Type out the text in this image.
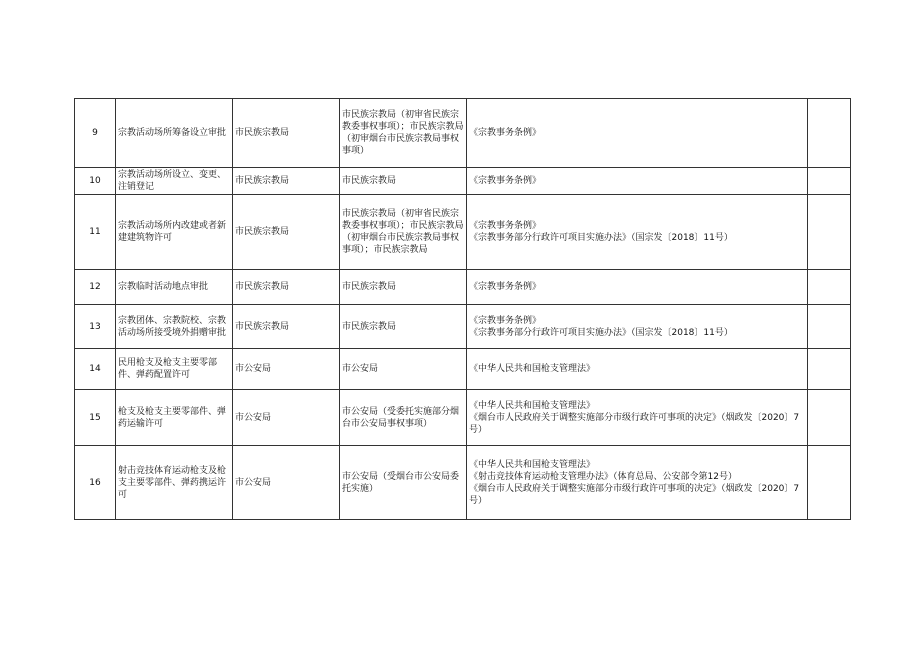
9	宗教活动场所筹备设立审批	市民族宗教局	市民族宗教局（初审省民族宗教委事权事项）；市民族宗教局（初审烟台市民族宗教局事权事项）	《宗教事务条例》	

10	宗教活动场所设立、变更、注销登记	市民族宗教局	市民族宗教局	《宗教事务条例》	

11	宗教活动场所内改建或者新建建筑物许可	市民族宗教局	市民族宗教局（初审省民族宗教委事权事项）；市民族宗教局（初审烟台市民族宗教局事权事项）；市民族宗教局	《宗教事务条例》
《宗教事务部分行政许可项目实施办法》（国宗发〔2018〕11号）	

12	宗教临时活动地点审批	市民族宗教局	市民族宗教局	《宗教事务条例》	

13	宗教团体、宗教院校、宗教活动场所接受境外捐赠审批	市民族宗教局	市民族宗教局	《宗教事务条例》
《宗教事务部分行政许可项目实施办法》（国宗发〔2018〕11号）	

14	民用枪支及枪支主要零部件、弹药配置许可	市公安局	市公安局	《中华人民共和国枪支管理法》	

15	枪支及枪支主要零部件、弹药运输许可	市公安局	市公安局（受委托实施部分烟台市公安局事权事项）	《中华人民共和国枪支管理法》
《烟台市人民政府关于调整实施部分市级行政许可事项的决定》（烟政发〔2020〕7号）	

16	射击竞技体育运动枪支及枪支主要零部件、弹药携运许可	市公安局	市公安局（受烟台市公安局委托实施）	《中华人民共和国枪支管理法》
《射击竞技体育运动枪支管理办法》（体育总局、公安部令第12号）
《烟台市人民政府关于调整实施部分市级行政许可事项的决定》（烟政发〔2020〕7号）	
